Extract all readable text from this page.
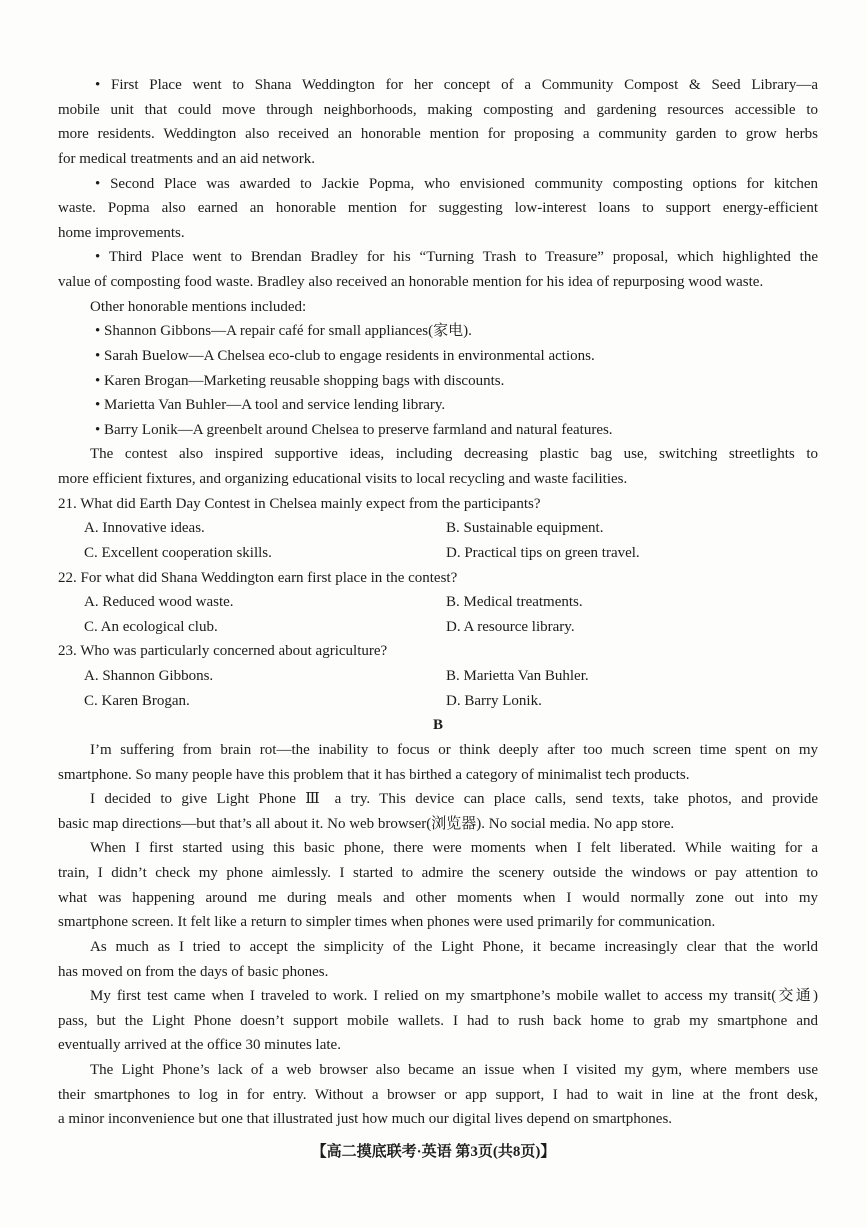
• First Place went to Shana Weddington for her concept of a Community Compost & Seed Library—a
mobile unit that could move through neighborhoods, making composting and gardening resources accessible to
more residents. Weddington also received an honorable mention for proposing a community garden to grow herbs
for medical treatments and an aid network.
• Second Place was awarded to Jackie Popma, who envisioned community composting options for kitchen
waste. Popma also earned an honorable mention for suggesting low-interest loans to support energy-efficient
home improvements.
• Third Place went to Brendan Bradley for his “Turning Trash to Treasure” proposal, which highlighted the
value of composting food waste. Bradley also received an honorable mention for his idea of repurposing wood waste.
Other honorable mentions included:
• Shannon Gibbons—A repair café for small appliances(家电).
• Sarah Buelow—A Chelsea eco-club to engage residents in environmental actions.
• Karen Brogan—Marketing reusable shopping bags with discounts.
• Marietta Van Buhler—A tool and service lending library.
• Barry Lonik—A greenbelt around Chelsea to preserve farmland and natural features.
The contest also inspired supportive ideas, including decreasing plastic bag use, switching streetlights to
more efficient fixtures, and organizing educational visits to local recycling and waste facilities.
21. What did Earth Day Contest in Chelsea mainly expect from the participants?
A. Innovative ideas.	B. Sustainable equipment.
C. Excellent cooperation skills.	D. Practical tips on green travel.
22. For what did Shana Weddington earn first place in the contest?
A. Reduced wood waste.	B. Medical treatments.
C. An ecological club.	D. A resource library.
23. Who was particularly concerned about agriculture?
A. Shannon Gibbons.	B. Marietta Van Buhler.
C. Karen Brogan.	D. Barry Lonik.
B
I’m suffering from brain rot—the inability to focus or think deeply after too much screen time spent on my
smartphone. So many people have this problem that it has birthed a category of minimalist tech products.
I decided to give Light Phone Ⅲ a try. This device can place calls, send texts, take photos, and provide
basic map directions—but that’s all about it. No web browser(浏览器). No social media. No app store.
When I first started using this basic phone, there were moments when I felt liberated. While waiting for a
train, I didn’t check my phone aimlessly. I started to admire the scenery outside the windows or pay attention to
what was happening around me during meals and other moments when I would normally zone out into my
smartphone screen. It felt like a return to simpler times when phones were used primarily for communication.
As much as I tried to accept the simplicity of the Light Phone, it became increasingly clear that the world
has moved on from the days of basic phones.
My first test came when I traveled to work. I relied on my smartphone’s mobile wallet to access my transit(交通)
pass, but the Light Phone doesn’t support mobile wallets. I had to rush back home to grab my smartphone and
eventually arrived at the office 30 minutes late.
The Light Phone’s lack of a web browser also became an issue when I visited my gym, where members use
their smartphones to log in for entry. Without a browser or app support, I had to wait in line at the front desk,
a minor inconvenience but one that illustrated just how much our digital lives depend on smartphones.
【高二摸底联考·英语 第3页(共8页)】
